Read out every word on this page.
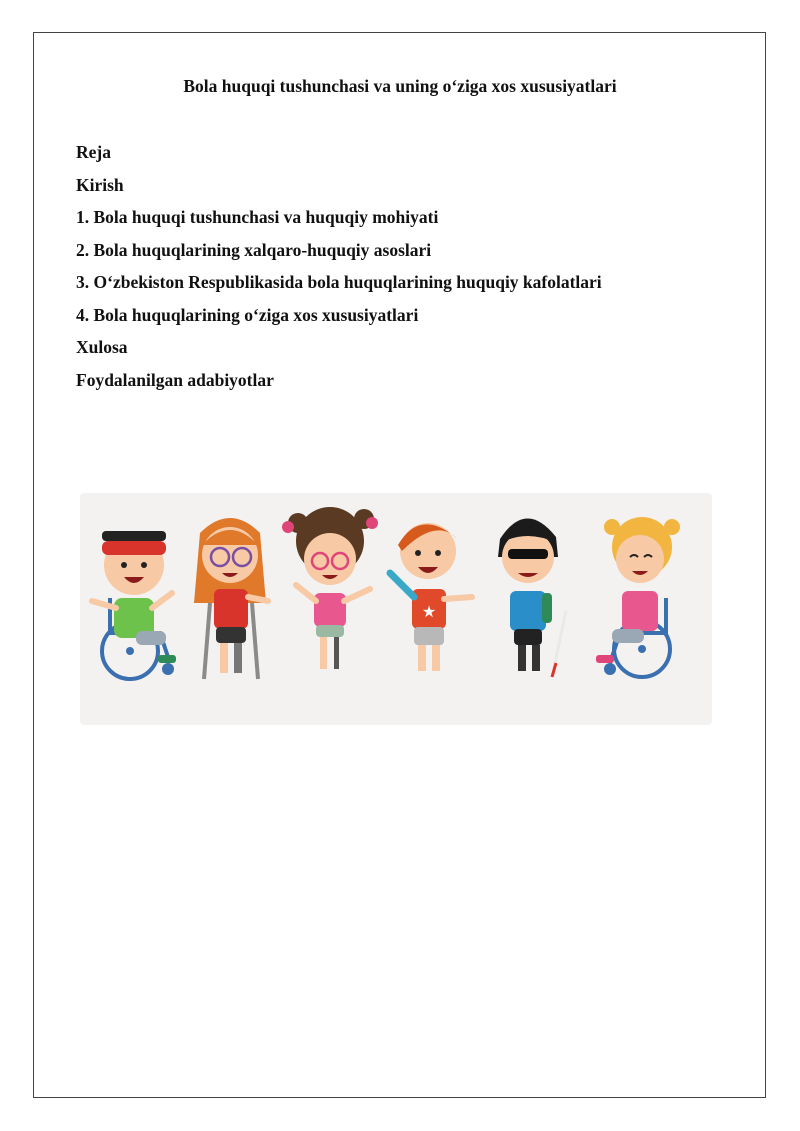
Bola huquqi tushunchasi va uning o‘ziga xos xususiyatlari
Reja
Kirish
1. Bola huquqi tushunchasi va huquqiy mohiyati
2. Bola huquqlarining xalqaro-huquqiy asoslari
3. O‘zbekiston Respublikasida bola huquqlarining huquqiy kafolatlari
4. Bola huquqlarining o‘ziga xos xususiyatlari
Xulosa
Foydalanilgan adabiyotlar
★
